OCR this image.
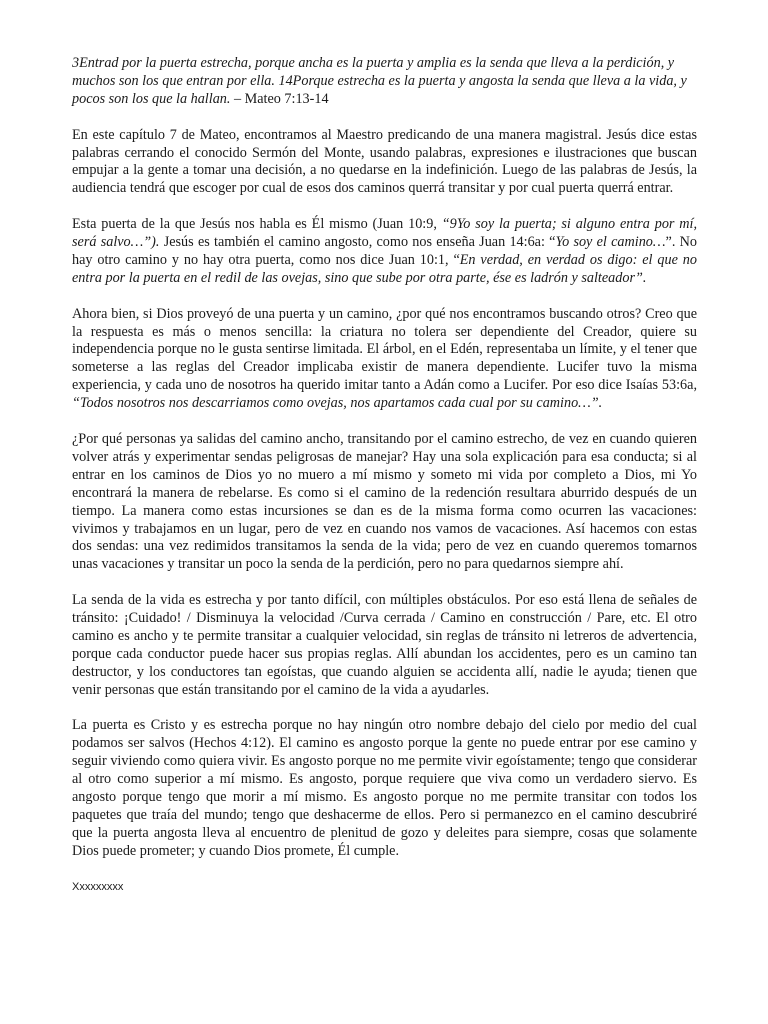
3Entrad por la puerta estrecha, porque ancha es la puerta y amplia es la senda que lleva a la perdición, y muchos son los que entran por ella. 14Porque estrecha es la puerta y angosta la senda que lleva a la vida, y pocos son los que la hallan. – Mateo 7:13-14

En este capítulo 7 de Mateo, encontramos al Maestro predicando de una manera magistral. Jesús dice estas palabras cerrando el conocido Sermón del Monte, usando palabras, expresiones e ilustraciones que buscan empujar a la gente a tomar una decisión, a no quedarse en la indefinición. Luego de las palabras de Jesús, la audiencia tendrá que escoger por cual de esos dos caminos querrá transitar y por cual puerta querrá entrar.

Esta puerta de la que Jesús nos habla es Él mismo (Juan 10:9, “9Yo soy la puerta; si alguno entra por mí, será salvo…”). Jesús es también el camino angosto, como nos enseña Juan 14:6a: “Yo soy el camino…”. No hay otro camino y no hay otra puerta, como nos dice Juan 10:1, “En verdad, en verdad os digo: el que no entra por la puerta en el redil de las ovejas, sino que sube por otra parte, ése es ladrón y salteador”.

Ahora bien, si Dios proveyó de una puerta y un camino, ¿por qué nos encontramos buscando otros? Creo que la respuesta es más o menos sencilla: la criatura no tolera ser dependiente del Creador, quiere su independencia porque no le gusta sentirse limitada. El árbol, en el Edén, representaba un límite, y el tener que someterse a las reglas del Creador implicaba existir de manera dependiente. Lucifer tuvo la misma experiencia, y cada uno de nosotros ha querido imitar tanto a Adán como a Lucifer. Por eso dice Isaías 53:6a, “Todos nosotros nos descarriamos como ovejas, nos apartamos cada cual por su camino…”.

¿Por qué personas ya salidas del camino ancho, transitando por el camino estrecho, de vez en cuando quieren volver atrás y experimentar sendas peligrosas de manejar? Hay una sola explicación para esa conducta; si al entrar en los caminos de Dios yo no muero a mí mismo y someto mi vida por completo a Dios, mi Yo encontrará la manera de rebelarse. Es como si el camino de la redención resultara aburrido después de un tiempo. La manera como estas incursiones se dan es de la misma forma como ocurren las vacaciones: vivimos y trabajamos en un lugar, pero de vez en cuando nos vamos de vacaciones. Así hacemos con estas dos sendas: una vez redimidos transitamos la senda de la vida; pero de vez en cuando queremos tomarnos unas vacaciones y transitar un poco la senda de la perdición, pero no para quedarnos siempre ahí.

La senda de la vida es estrecha y por tanto difícil, con múltiples obstáculos. Por eso está llena de señales de tránsito: ¡Cuidado! / Disminuya la velocidad /Curva cerrada / Camino en construcción / Pare, etc. El otro camino es ancho y te permite transitar a cualquier velocidad, sin reglas de tránsito ni letreros de advertencia, porque cada conductor puede hacer sus propias reglas. Allí abundan los accidentes, pero es un camino tan destructor, y los conductores tan egoístas, que cuando alguien se accidenta allí, nadie le ayuda; tienen que venir personas que están transitando por el camino de la vida a ayudarles.

La puerta es Cristo y es estrecha porque no hay ningún otro nombre debajo del cielo por medio del cual podamos ser salvos (Hechos 4:12). El camino es angosto porque la gente no puede entrar por ese camino y seguir viviendo como quiera vivir. Es angosto porque no me permite vivir egoístamente; tengo que considerar al otro como superior a mí mismo. Es angosto, porque requiere que viva como un verdadero siervo. Es angosto porque tengo que morir a mí mismo. Es angosto porque no me permite transitar con todos los paquetes que traía del mundo; tengo que deshacerme de ellos. Pero si permanezco en el camino descubriré que la puerta angosta lleva al encuentro de plenitud de gozo y deleites para siempre, cosas que solamente Dios puede prometer; y cuando Dios promete, Él cumple.

Xxxxxxxxx
